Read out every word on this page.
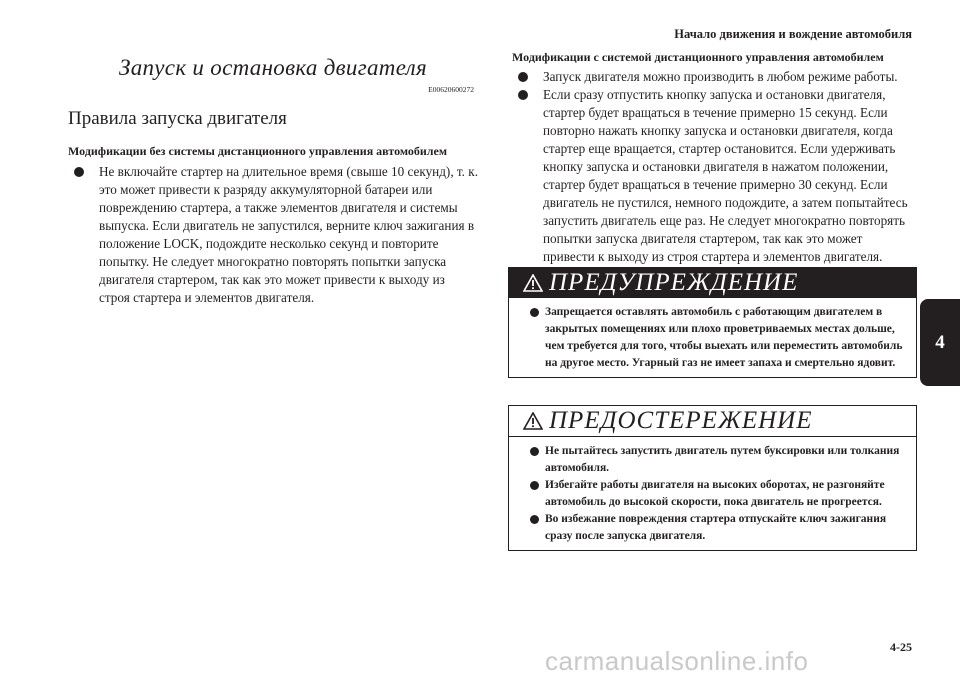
Начало движения и вождение автомобиля
4
Запуск и остановка двигателя
E00620600272
Правила запуска двигателя
Модификации без системы дистанционного управления автомобилем
Не включайте стартер на длительное время (свыше 10 секунд), т. к. это может привести к разряду аккумуляторной батареи или повреждению стартера, а также элементов двигателя и системы выпуска. Если двигатель не запустился, верните ключ зажигания в положение LOCK, подождите несколько секунд и повторите попытку. Не следует многократно повторять попытки запуска двигателя стартером, так как это может привести к выходу из строя стартера и элементов двигателя.
Модификации с системой дистанционного управления автомобилем
Запуск двигателя можно производить в любом режиме работы.
Если сразу отпустить кнопку запуска и остановки двигателя, стартер будет вращаться в течение примерно 15 секунд. Если повторно нажать кнопку запуска и остановки двигателя, когда стартер еще вращается, стартер остановится. Если удерживать кнопку запуска и остановки двигателя в нажатом положении, стартер будет вращаться в течение примерно 30 секунд. Если двигатель не пустился, немного подождите, а затем попытайтесь запустить двигатель еще раз. Не следует многократно повторять попытки запуска двигателя стартером, так как это может привести к выходу из строя стартера и элементов двигателя.
ПРЕДУПРЕЖДЕНИЕ
Запрещается оставлять автомобиль с работающим двигателем в закрытых помещениях или плохо проветриваемых местах дольше, чем требуется для того, чтобы выехать или переместить автомобиль на другое место. Угарный газ не имеет запаха и смертельно ядовит.
ПРЕДОСТЕРЕЖЕНИЕ
Не пытайтесь запустить двигатель путем буксировки или толкания автомобиля.
Избегайте работы двигателя на высоких оборотах, не разгоняйте автомобиль до высокой скорости, пока двигатель не прогреется.
Во избежание повреждения стартера отпускайте ключ зажигания сразу после запуска двигателя.
4-25
carmanualsonline.info
